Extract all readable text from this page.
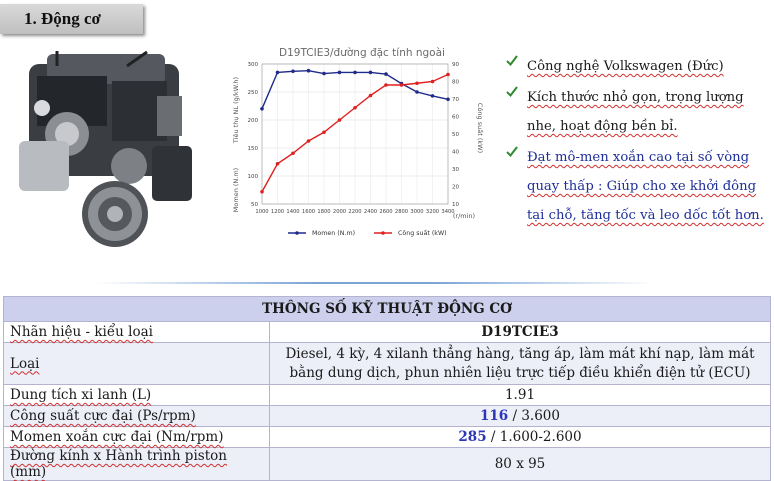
1. Động cơ
D19TCIE3/đường đặc tính ngoài
Momen (N.m)
Tiêu thụ NL (g/kW.h)	Công suất (kW)
(r/min)
50
100
150
200
250
300
10
20
30
40
50
60
70
80
90
1000 1200 1400 1600 1800 2000 2200 2400 2600 2800 3000 3200 3400
Momen (N.m)	Công suất (kW)
Công nghệ Volkswagen (Đức)
Kích thước nhỏ gọn, trọng lượng nhe, hoạt động bền bỉ.
Đạt mô-men xoắn cao tại số vòng quay thấp : Giúp cho xe khởi đông tại chỗ, tăng tốc và leo dốc tốt hơn.
THÔNG SỐ KỸ THUẬT ĐỘNG CƠ	
Nhãn hiệu - kiểu loại	D19TCIE3
Loại	Diesel, 4 kỳ, 4 xilanh thẳng hàng, tăng áp, làm mát khí nạp, làm mát bằng dung dịch, phun nhiên liệu trực tiếp điều khiển điện tử (ECU)
Dung tích xi lanh (L)	1.91
Công suất cực đại (Ps/rpm)	116 / 3.600
Momen xoắn cực đại (Nm/rpm)	285 / 1.600-2.600
Đường kính x Hành trình piston (mm)	80 x 95
